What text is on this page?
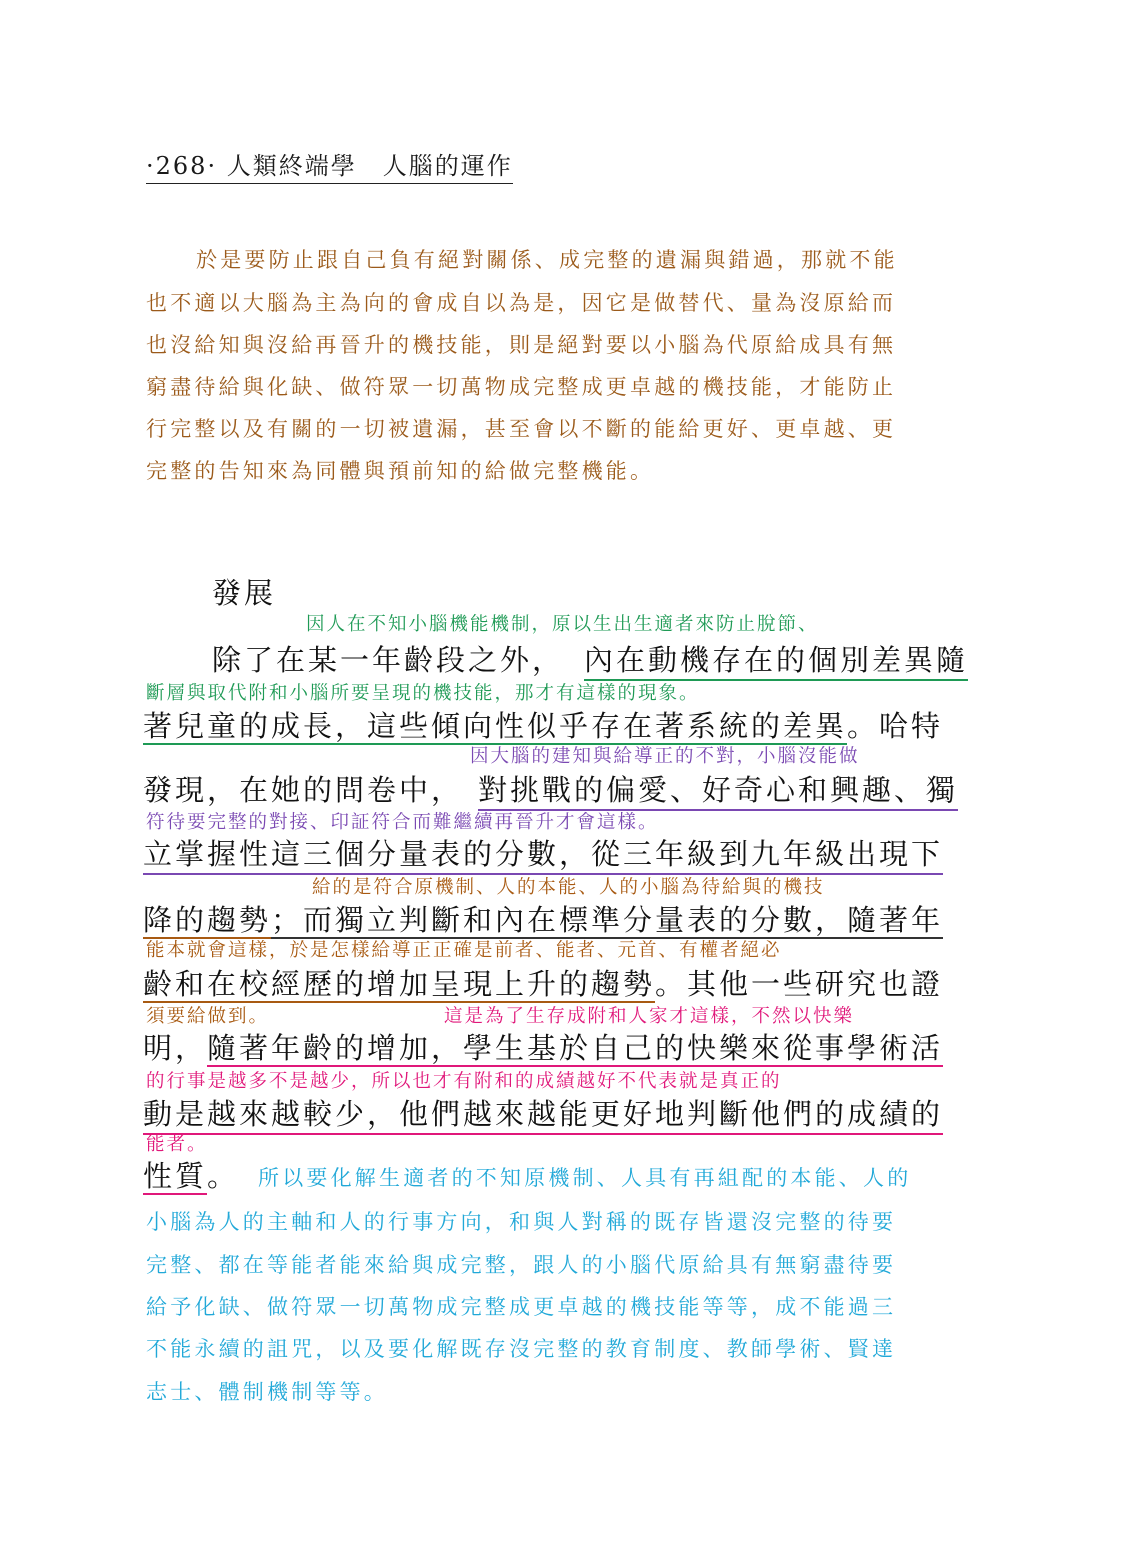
·268· 人類終端學　人腦的運作
於是要防止跟自己負有絕對關係、成完整的遺漏與錯過，那就不能
也不適以大腦為主為向的會成自以為是，因它是做替代、量為沒原給而
也沒給知與沒給再晉升的機技能，則是絕對要以小腦為代原給成具有無
窮盡待給與化缺、做符眾一切萬物成完整成更卓越的機技能，才能防止
行完整以及有關的一切被遺漏，甚至會以不斷的能給更好、更卓越、更
完整的告知來為同體與預前知的給做完整機能。
發展
因人在不知小腦機能機制，原以生出生適者來防止脫節、
除了在某一年齡段之外， 內在動機存在的個別差異隨
斷層與取代附和小腦所要呈現的機技能，那才有這樣的現象。
著兒童的成長，這些傾向性似乎存在著系統的差異。哈特
因大腦的建知與給導正的不對，小腦沒能做
發現，在她的問卷中， 對挑戰的偏愛、好奇心和興趣、獨
符待要完整的對接、印証符合而難繼續再晉升才會這樣。
立掌握性這三個分量表的分數，從三年級到九年級出現下
給的是符合原機制、人的本能、人的小腦為待給與的機技
降的趨勢；而獨立判斷和內在標準分量表的分數，隨著年
能本就會這樣，於是怎樣給導正正確是前者、能者、元首、有權者絕必
齡和在校經歷的增加呈現上升的趨勢。其他一些研究也證
須要給做到。	這是為了生存成附和人家才這樣，不然以快樂
明，隨著年齡的增加，學生基於自己的快樂來從事學術活
的行事是越多不是越少，所以也才有附和的成績越好不代表就是真正的
動是越來越較少，他們越來越能更好地判斷他們的成績的
能者。
性質。 所以要化解生適者的不知原機制、人具有再組配的本能、人的
小腦為人的主軸和人的行事方向，和與人對稱的既存皆還沒完整的待要
完整、都在等能者能來給與成完整，跟人的小腦代原給具有無窮盡待要
給予化缺、做符眾一切萬物成完整成更卓越的機技能等等，成不能過三
不能永續的詛咒，以及要化解既存沒完整的教育制度、教師學術、賢達
志士、體制機制等等。
